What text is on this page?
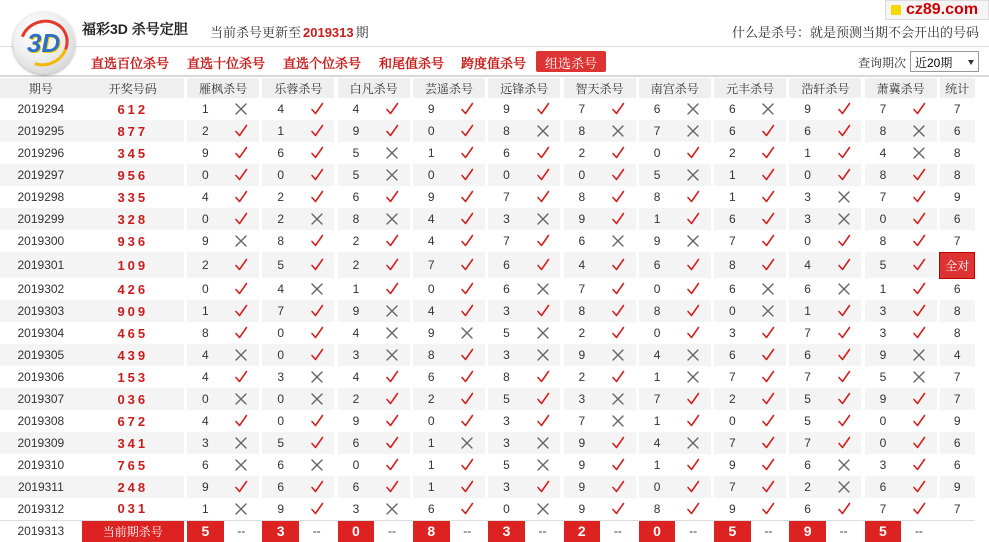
3D 福彩3D 杀号定胆 当前杀号更新至 2019313 期	什么是杀号：就是预测当期不会开出的号码
cz89.com
直选百位杀号 直选十位杀号 直选个位杀号 和尾值杀号 跨度值杀号	组选杀号	查询期次 近20期
期号	开奖号码		雁枫杀号			乐蓉杀号			白凡杀号			芸遥杀号			远锋杀号			智天杀号			南宫杀号			元丰杀号			浩轩杀号			萧冀杀号			统计
2019294	612		1			4			4			9			9			7			6			6			9			7			7
2019295	877		2			1			9			0			8			8			7			6			6			8			6
2019296	345		9			6			5			1			6			2			0			2			1			4			8
2019297	956		0			0			5			0			0			0			5			1			0			8			8
2019298	335		4			2			6			9			7			8			8			1			3			7			9
2019299	328		0			2			8			4			3			9			1			6			3			0			6
2019300	936		9			8			2			4			7			6			9			7			0			8			7
2019301	109		2			5			2			7			6			4			6			8			4			5			全对
2019302	426		0			4			1			0			6			7			0			6			6			1			6
2019303	909		1			7			9			4			3			8			8			0			1			3			8
2019304	465		8			0			4			9			5			2			0			3			7			3			8
2019305	439		4			0			3			8			3			9			4			6			6			9			4
2019306	153		4			3			4			6			8			2			1			7			7			5			7
2019307	036		0			0			2			2			5			3			7			2			5			9			7
2019308	672		4			0			9			0			3			7			1			0			5			0			9
2019309	341		3			5			6			1			3			9			4			7			7			0			6
2019310	765		6			6			0			1			5			9			1			9			6			3			6
2019311	248		9			6			6			1			3			9			0			7			2			6			9
2019312	031		1			9			3			6			0			9			8			9			6			7			7
2019313	当前期杀号		5	--		3	--		0	--		8	--		3	--		2	--		0	--		5	--		9	--		5	--		
